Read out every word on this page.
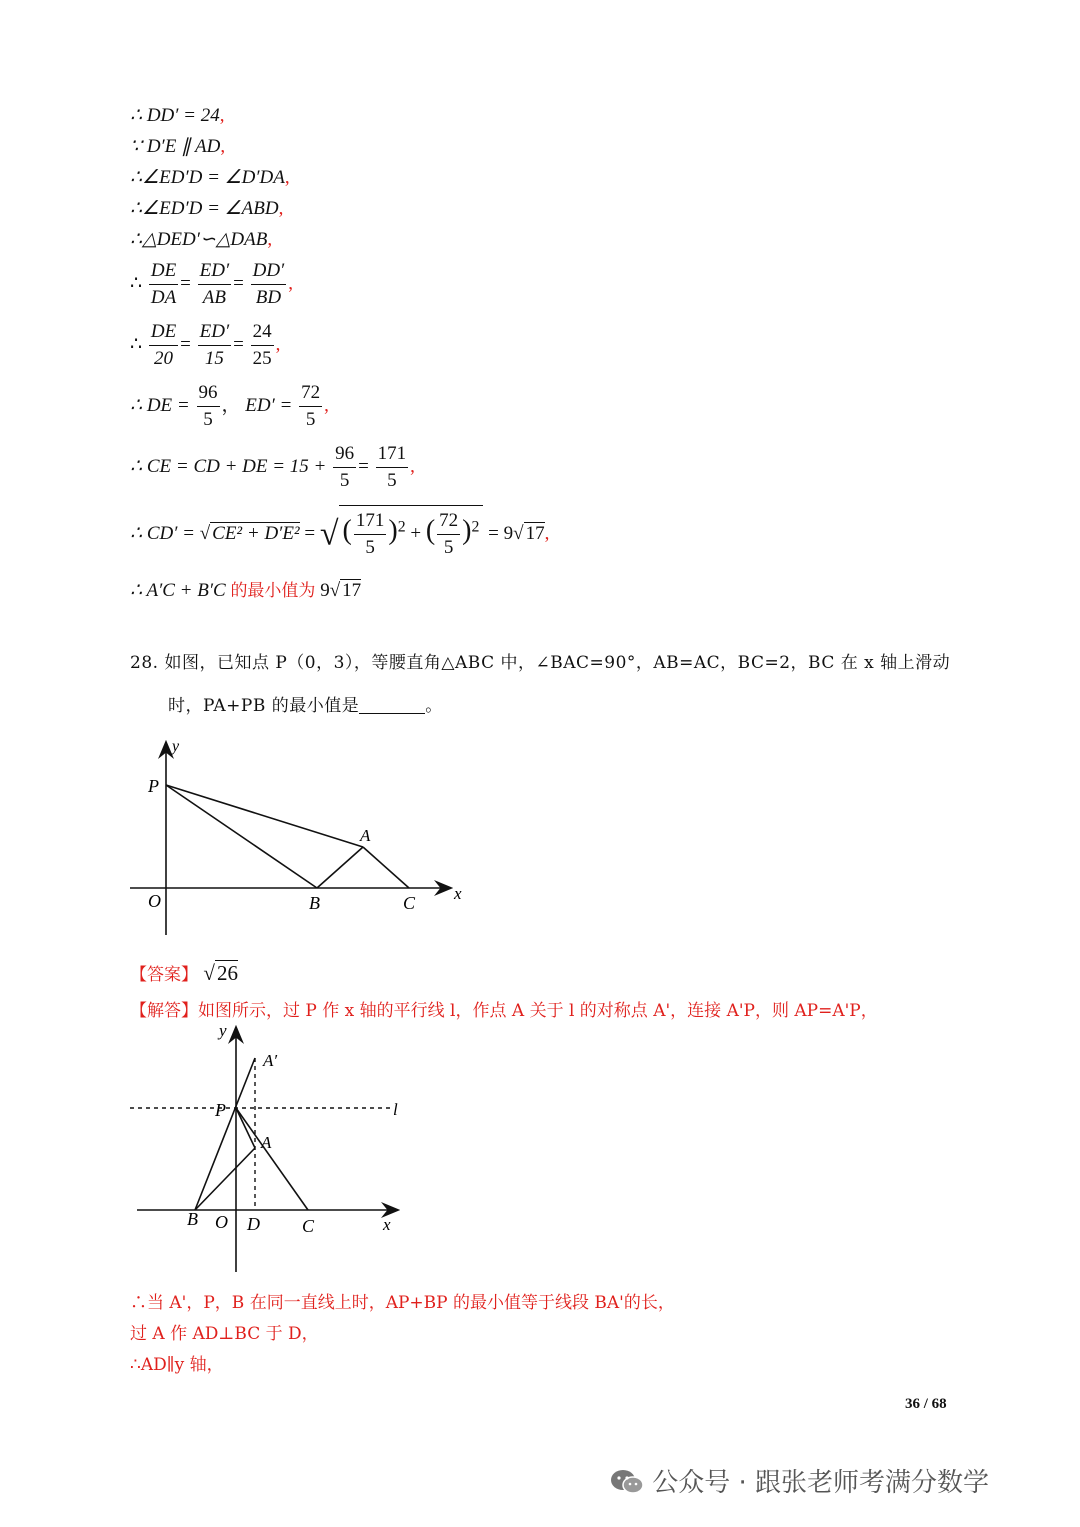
∴ DD′ = 24,
∵ D′E ∥ AD,
∴∠ED′D = ∠D′DA,
∴∠ED′D = ∠ABD,
∴△DED′∽△DAB,
∴ $\frac{DE}{DA} = \frac{ED'}{AB} = \frac{DD'}{BD}$ ,
∴ $\frac{DE}{20} = \frac{ED'}{15} = \frac{24}{25}$ ,
∴ DE = $\frac{96}{5}$ ， $ED' = \frac{72}{5}$ ,
∴ CE = CD + DE = $15 + \frac{96}{5} = \frac{171}{5}$ ,
∴ CD′ = √ CE² + D′E² = √ ( $\frac{171}{5} )^2$ + ( $\frac{72}{5} )^2 = 9√$ 17,
∴ A′C + B′C 的最小值为 9√ 17
28. 如图，已知点 P（0，3），等腰直角△ABC 中，∠BAC=90°，AB=AC，BC=2，BC 在 x 轴上滑动
时，PA+PB 的最小值是	。
y
P
A
O	B	C x
【答案】 √26
【解答】如图所示，过 P 作 x 轴的平行线 l，作点 A 关于 l 的对称点 A'，连接 A'P，则 AP=A'P，
y
A′
P	l
A
B O D C	x
∴当 A'，P，B 在同一直线上时，AP+BP 的最小值等于线段 BA'的长，
过 A 作 AD⊥BC 于 D，
∴AD∥y 轴，
36 / 68
公众号 · 跟张老师考满分数学
